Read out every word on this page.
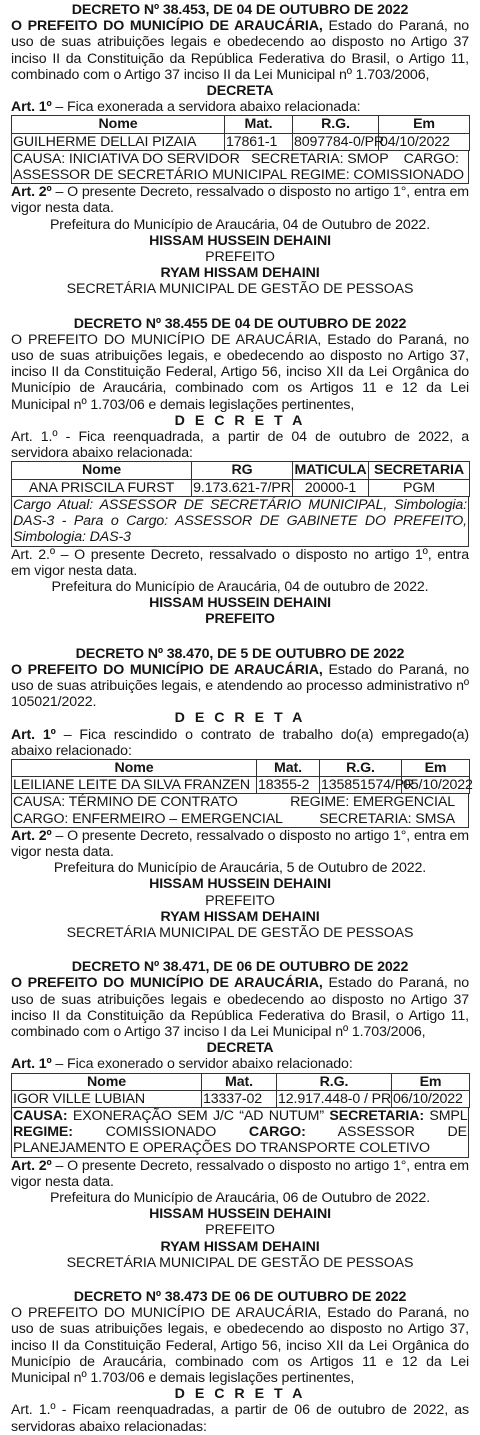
DECRETO Nº 38.453, DE 04 DE OUTUBRO DE 2022
O PREFEITO DO MUNICÍPIO DE ARAUCÁRIA, Estado do Paraná, no uso de suas atribuições legais e obedecendo ao disposto no Artigo 37 inciso II da Constituição da República Federativa do Brasil, o Artigo 11, combinado com o Artigo 37 inciso II da Lei Municipal nº 1.703/2006,
DECRETA
Art. 1º – Fica exonerada a servidora abaixo relacionada:
Nome	Mat.	R.G.	Em
GUILHERME DELLAI PIZAIA	17861-1	8097784-0/PR	04/10/2022
CAUSA: INICIATIVA DO SERVIDOR   SECRETARIA: SMOP    CARGO:
ASSESSOR DE SECRETÁRIO MUNICIPAL REGIME: COMISSIONADO
Art. 2º – O presente Decreto, ressalvado o disposto no artigo 1°, entra em vigor nesta data.
Prefeitura do Município de Araucária, 04 de Outubro de 2022.
HISSAM HUSSEIN DEHAINI
PREFEITO
RYAM HISSAM DEHAINI
SECRETÁRIA MUNICIPAL DE GESTÃO DE PESSOAS
DECRETO Nº 38.455 DE 04 DE OUTUBRO DE 2022
O PREFEITO DO MUNICÍPIO DE ARAUCÁRIA, Estado do Paraná, no uso de suas atribuições legais, e obedecendo ao disposto no Artigo 37, inciso II da Constituição Federal, Artigo 56, inciso XII da Lei Orgânica do Município de Araucária, combinado com os Artigos 11 e 12 da Lei Municipal nº 1.703/06 e demais legislações pertinentes,
D E C R E T A
Art. 1.º - Fica reenquadrada, a partir de 04 de outubro de 2022, a servidora abaixo relacionada:
Nome	RG	MATICULA	SECRETARIA
ANA PRISCILA FURST	9.173.621-7/PR	20000-1	PGM
Cargo Atual: ASSESSOR DE SECRETÁRIO MUNICIPAL, Simbologia: DAS-3 - Para o Cargo: ASSESSOR DE GABINETE DO PREFEITO, Simbologia: DAS-3
Art. 2.º – O presente Decreto, ressalvado o disposto no artigo 1º, entra em vigor nesta data.
Prefeitura do Município de Araucária, 04 de outubro de 2022.
HISSAM HUSSEIN DEHAINI
PREFEITO
DECRETO Nº 38.470, DE 5 DE OUTUBRO DE 2022
O PREFEITO DO MUNICÍPIO DE ARAUCÁRIA, Estado do Paraná, no uso de suas atribuições legais, e atendendo ao processo administrativo nº 105021/2022.
D E C R E T A
Art. 1º – Fica rescindido o contrato de trabalho do(a) empregado(a) abaixo relacionado:
Nome	Mat.	R.G.	Em
LEILIANE LEITE DA SILVA FRANZEN	18355-2	135851574/PR	05/10/2022
CAUSA: TÉRMINO DE CONTRATO	REGIME: EMERGENCIAL
CARGO: ENFERMEIRO – EMERGENCIAL	SECRETARIA: SMSA
Art. 2º – O presente Decreto, ressalvado o disposto no artigo 1°, entra em vigor nesta data.
Prefeitura do Município de Araucária, 5 de Outubro de 2022.
HISSAM HUSSEIN DEHAINI
PREFEITO
RYAM HISSAM DEHAINI
SECRETÁRIA MUNICIPAL DE GESTÃO DE PESSOAS
DECRETO Nº 38.471, DE 06 DE OUTUBRO DE 2022
O PREFEITO DO MUNICÍPIO DE ARAUCÁRIA, Estado do Paraná, no uso de suas atribuições legais e obedecendo ao disposto no Artigo 37 inciso II da Constituição da República Federativa do Brasil, o Artigo 11, combinado com o Artigo 37 inciso I da Lei Municipal nº 1.703/2006,
DECRETA
Art. 1º – Fica exonerado o servidor abaixo relacionado:
Nome	Mat.	R.G.	Em
IGOR VILLE LUBIAN	13337-02	12.917.448-0 / PR	06/10/2022
CAUSA: EXONERAÇÃO SEM J/C “AD NUTUM” SECRETARIA: SMPL REGIME: COMISSIONADO CARGO: ASSESSOR DE PLANEJAMENTO E OPERAÇÕES DO TRANSPORTE COLETIVO
Art. 2º – O presente Decreto, ressalvado o disposto no artigo 1°, entra em vigor nesta data.
Prefeitura do Município de Araucária, 06 de Outubro de 2022.
HISSAM HUSSEIN DEHAINI
PREFEITO
RYAM HISSAM DEHAINI
SECRETÁRIA MUNICIPAL DE GESTÃO DE PESSOAS
DECRETO Nº 38.473 DE 06 DE OUTUBRO DE 2022
O PREFEITO DO MUNICÍPIO DE ARAUCÁRIA, Estado do Paraná, no uso de suas atribuições legais, e obedecendo ao disposto no Artigo 37, inciso II da Constituição Federal, Artigo 56, inciso XII da Lei Orgânica do Município de Araucária, combinado com os Artigos 11 e 12 da Lei Municipal nº 1.703/06 e demais legislações pertinentes,
D E C R E T A
Art. 1.º - Ficam reenquadradas, a partir de 06 de outubro de 2022, as servidoras abaixo relacionadas:
